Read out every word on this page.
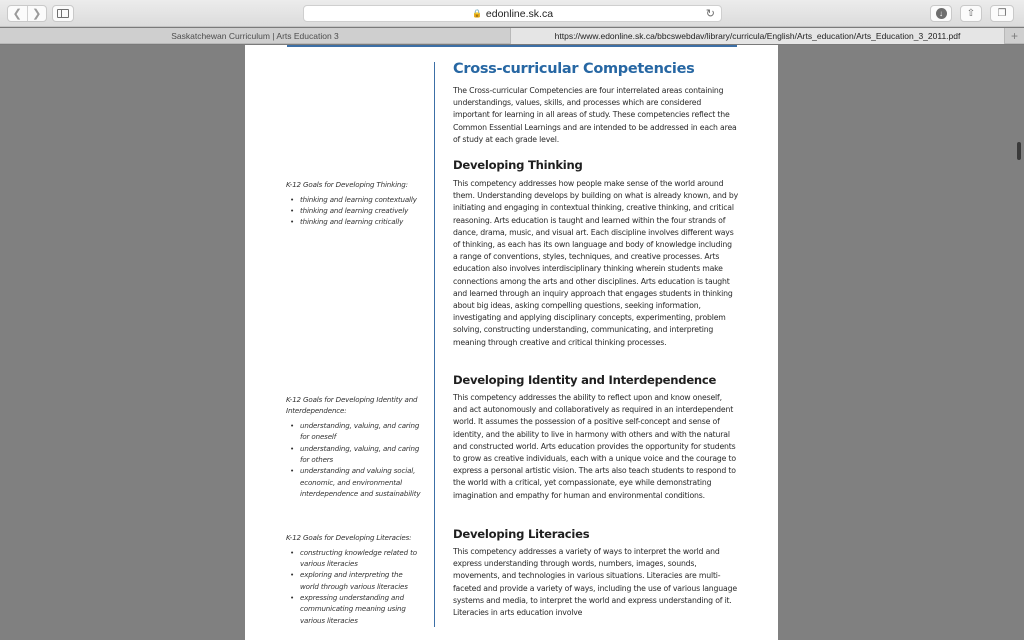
❮ ❯	🔒 edonline.sk.ca	↻	↓	⇧ ❐
Saskatchewan Curriculum | Arts Education 3	https://www.edonline.sk.ca/bbcswebdav/library/curricula/English/Arts_education/Arts_Education_3_2011.pdf	+
K-12 Goals for Developing Thinking:
• thinking and learning contextually
• thinking and learning creatively
• thinking and learning critically
K-12 Goals for Developing Identity and Interdependence:
• understanding, valuing, and caring for oneself
• understanding, valuing, and caring for others
• understanding and valuing social, economic, and environmental interdependence and sustainability
K-12 Goals for Developing Literacies:
• constructing knowledge related to various literacies
• exploring and interpreting the world through various literacies
• expressing understanding and communicating meaning using various literacies
Cross-curricular Competencies

The Cross-curricular Competencies are four interrelated areas containing understandings, values, skills, and processes which are considered important for learning in all areas of study. These competencies reflect the Common Essential Learnings and are intended to be addressed in each area of study at each grade level.

Developing Thinking

This competency addresses how people make sense of the world around them. Understanding develops by building on what is already known, and by initiating and engaging in contextual thinking, creative thinking, and critical reasoning. Arts education is taught and learned within the four strands of dance, drama, music, and visual art. Each discipline involves different ways of thinking, as each has its own language and body of knowledge including a range of conventions, styles, techniques, and creative processes. Arts education also involves interdisciplinary thinking wherein students make connections among the arts and other disciplines. Arts education is taught and learned through an inquiry approach that engages students in thinking about big ideas, asking compelling questions, seeking information, investigating and applying disciplinary concepts, experimenting, problem solving, constructing understanding, communicating, and interpreting meaning through creative and critical thinking processes.

Developing Identity and Interdependence

This competency addresses the ability to reflect upon and know oneself, and act autonomously and collaboratively as required in an interdependent world. It assumes the possession of a positive self-concept and sense of identity, and the ability to live in harmony with others and with the natural and constructed world. Arts education provides the opportunity for students to grow as creative individuals, each with a unique voice and the courage to express a personal artistic vision. The arts also teach students to respond to the world with a critical, yet compassionate, eye while demonstrating imagination and empathy for human and environmental conditions.

Developing Literacies

This competency addresses a variety of ways to interpret the world and express understanding through words, numbers, images, sounds, movements, and technologies in various situations. Literacies are multi-faceted and provide a variety of ways, including the use of various language systems and media, to interpret the world and express understanding of it. Literacies in arts education involve
